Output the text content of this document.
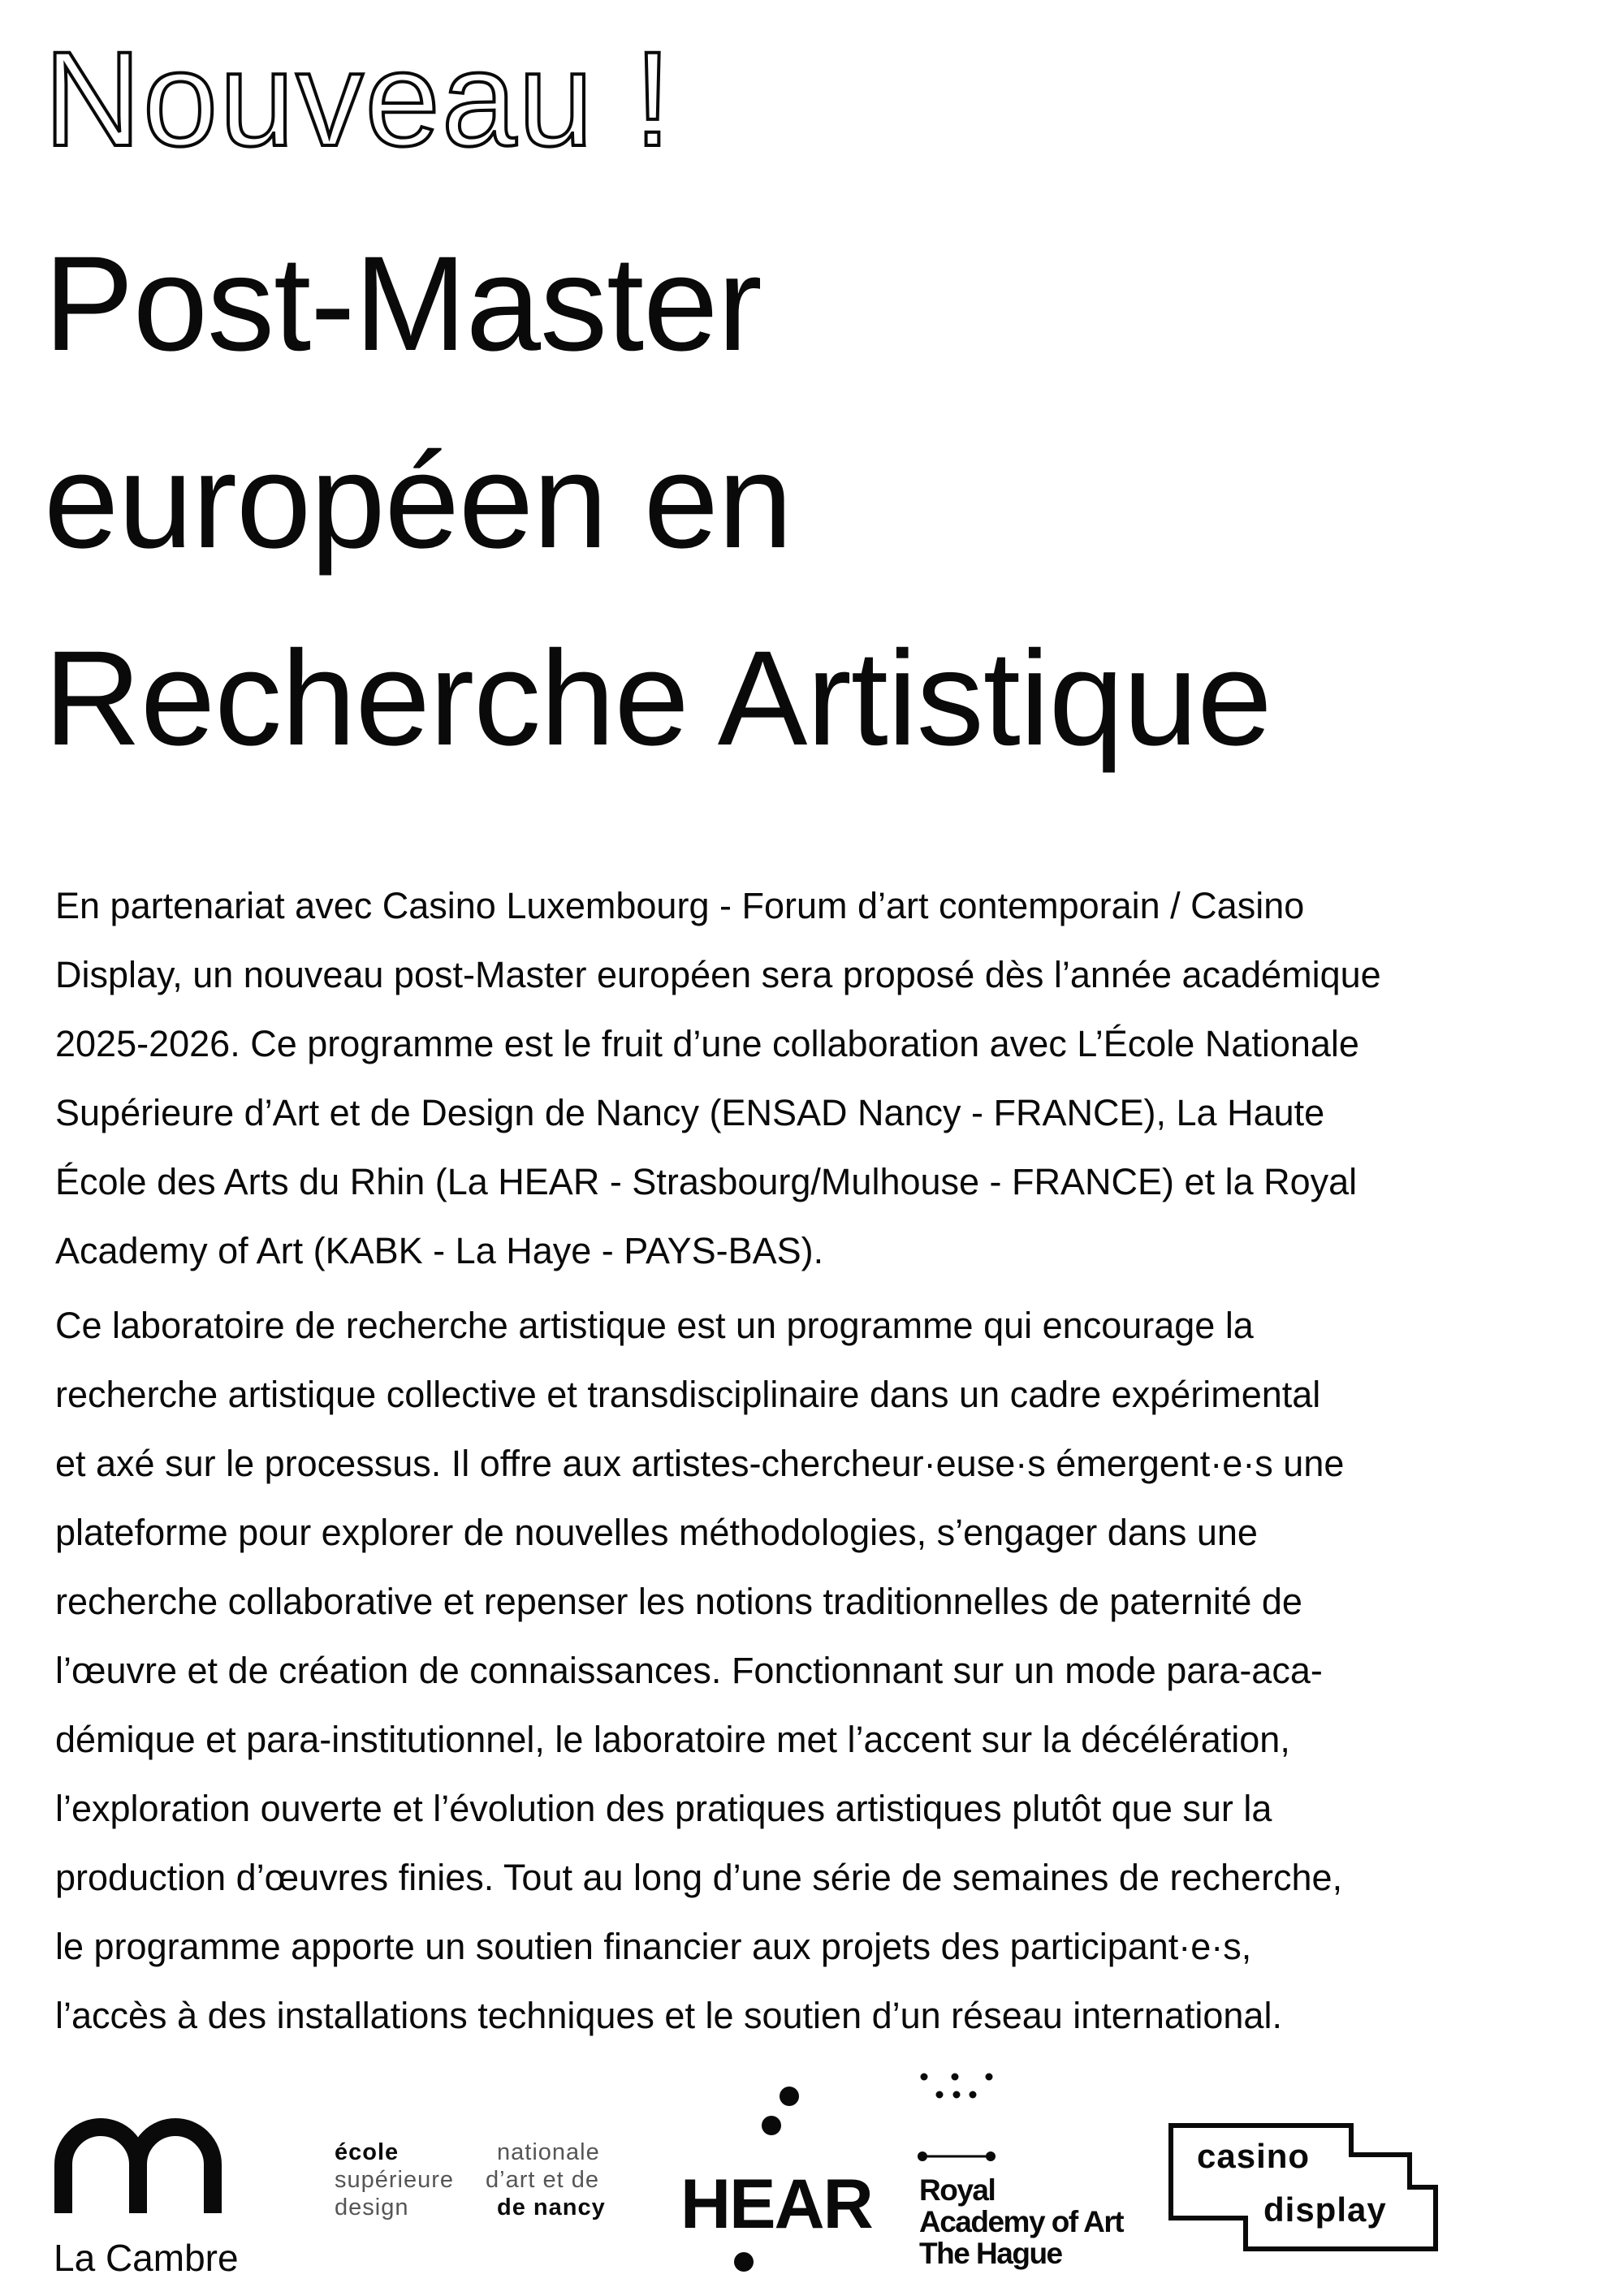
Nouveau !
Post-Master
européen en
Recherche Artistique

En partenariat avec Casino Luxembourg - Forum d’art contemporain / Casino

Display, un nouveau post-Master européen sera proposé dès l’année académique

2025-2026. Ce programme est le fruit d’une collaboration avec L’École Nationale

Supérieure d’Art et de Design de Nancy (ENSAD Nancy - FRANCE), La Haute

École des Arts du Rhin (La HEAR - Strasbourg/Mulhouse - FRANCE) et la Royal

Academy of Art (KABK - La Haye - PAYS-BAS).

Ce laboratoire de recherche artistique est un programme qui encourage la

recherche artistique collective et transdisciplinaire dans un cadre expérimental

et axé sur le processus. Il offre aux artistes-chercheur·euse·s émergent·e·s une

plateforme pour explorer de nouvelles méthodologies, s’engager dans une

recherche collaborative et repenser les notions traditionnelles de paternité de

l’œuvre et de création de connaissances. Fonctionnant sur un mode para-aca-

démique et para-institutionnel, le laboratoire met l’accent sur la décélération,

l’exploration ouverte et l’évolution des pratiques artistiques plutôt que sur la

production d’œuvres finies. Tout au long d’une série de semaines de recherche,

le programme apporte un soutien financier aux projets des participant·e·s,

l’accès à des installations techniques et le soutien d’un réseau international.

La Cambre
école	nationale
supérieure d’art et de
design	de nancy HEAR Royal
Academy of Art
The Hague
casino
display
